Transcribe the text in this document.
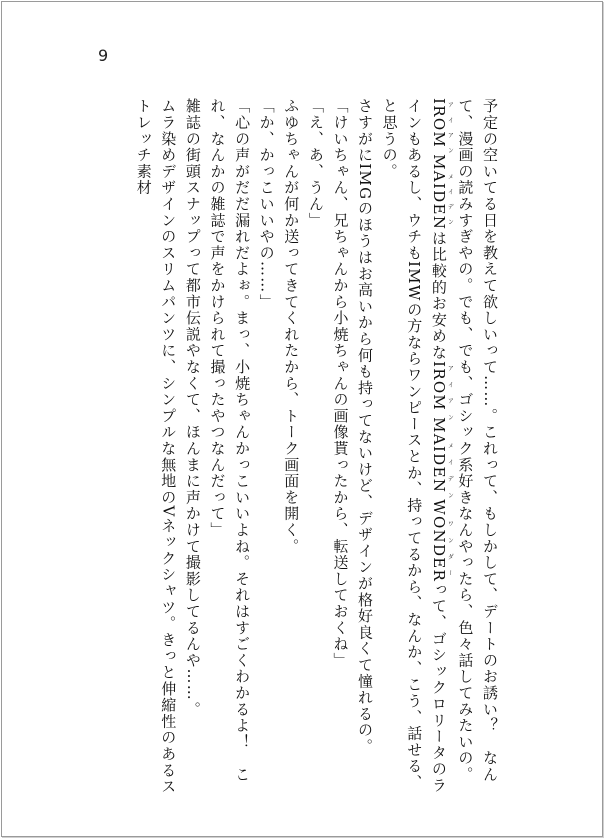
9

予定の空いてる日を教えて欲しいって……。これって、もしかして、デートのお誘い？　なんて、漫画の読みすぎやの。でも、でも、ゴシック系好きなんやったら、色々話してみたいの。

IROM MAIDENアイアン メイデンは比較的お安めなIROM MAIDEN WONDERアイアン メイデン ワンダーって、ゴシックロリータのラインもあるし、ウチもIMWの方ならワンピースとか、持ってるから、なんか、こう、話せる、と思うの。

さすがにIMGのほうはお高いから何も持ってないけど、デザインが格好良くて憧れるの。

「けいちゃん、兄ちゃんから小焼ちゃんの画像貰ったから、転送しておくね」

「え、あ、うん」

ふゆちゃんが何か送ってきてくれたから、トーク画面を開く。

「か、かっこいいやの……」

「心の声がだだ漏れだよぉ。まっ、小焼ちゃんかっこいいよね。それはすごくわかるよ！　これ、なんかの雑誌で声をかけられて撮ったやつなんだって」

雑誌の街頭スナップって都市伝説やなくて、ほんまに声かけて撮影してるんや……。

ムラ染めデザインのスリムパンツに、シンプルな無地のVネックシャツ。きっと伸縮性のあるストレッチ素材
